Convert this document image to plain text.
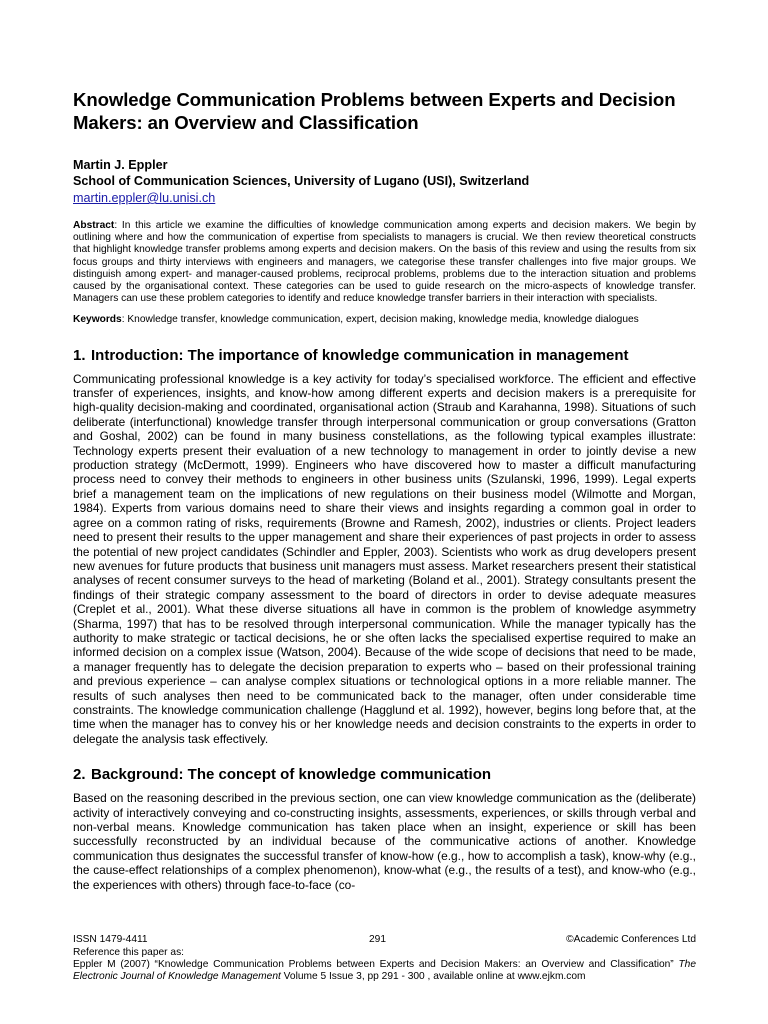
Knowledge Communication Problems between Experts and Decision Makers: an Overview and Classification
Martin J. Eppler
School of Communication Sciences, University of Lugano (USI), Switzerland
martin.eppler@lu.unisi.ch
Abstract: In this article we examine the difficulties of knowledge communication among experts and decision makers. We begin by outlining where and how the communication of expertise from specialists to managers is crucial. We then review theoretical constructs that highlight knowledge transfer problems among experts and decision makers. On the basis of this review and using the results from six focus groups and thirty interviews with engineers and managers, we categorise these transfer challenges into five major groups. We distinguish among expert- and manager-caused problems, reciprocal problems, problems due to the interaction situation and problems caused by the organisational context. These categories can be used to guide research on the micro-aspects of knowledge transfer. Managers can use these problem categories to identify and reduce knowledge transfer barriers in their interaction with specialists.
Keywords: Knowledge transfer, knowledge communication, expert, decision making, knowledge media, knowledge dialogues
1. Introduction: The importance of knowledge communication in management
Communicating professional knowledge is a key activity for today’s specialised workforce. The efficient and effective transfer of experiences, insights, and know-how among different experts and decision makers is a prerequisite for high-quality decision-making and coordinated, organisational action (Straub and Karahanna, 1998). Situations of such deliberate (interfunctional) knowledge transfer through interpersonal communication or group conversations (Gratton and Goshal, 2002) can be found in many business constellations, as the following typical examples illustrate: Technology experts present their evaluation of a new technology to management in order to jointly devise a new production strategy (McDermott, 1999). Engineers who have discovered how to master a difficult manufacturing process need to convey their methods to engineers in other business units (Szulanski, 1996, 1999). Legal experts brief a management team on the implications of new regulations on their business model (Wilmotte and Morgan, 1984). Experts from various domains need to share their views and insights regarding a common goal in order to agree on a common rating of risks, requirements (Browne and Ramesh, 2002), industries or clients. Project leaders need to present their results to the upper management and share their experiences of past projects in order to assess the potential of new project candidates (Schindler and Eppler, 2003). Scientists who work as drug developers present new avenues for future products that business unit managers must assess. Market researchers present their statistical analyses of recent consumer surveys to the head of marketing (Boland et al., 2001). Strategy consultants present the findings of their strategic company assessment to the board of directors in order to devise adequate measures (Creplet et al., 2001). What these diverse situations all have in common is the problem of knowledge asymmetry (Sharma, 1997) that has to be resolved through interpersonal communication. While the manager typically has the authority to make strategic or tactical decisions, he or she often lacks the specialised expertise required to make an informed decision on a complex issue (Watson, 2004). Because of the wide scope of decisions that need to be made, a manager frequently has to delegate the decision preparation to experts who – based on their professional training and previous experience – can analyse complex situations or technological options in a more reliable manner. The results of such analyses then need to be communicated back to the manager, often under considerable time constraints. The knowledge communication challenge (Hagglund et al. 1992), however, begins long before that, at the time when the manager has to convey his or her knowledge needs and decision constraints to the experts in order to delegate the analysis task effectively.
2. Background: The concept of knowledge communication
Based on the reasoning described in the previous section, one can view knowledge communication as the (deliberate) activity of interactively conveying and co-constructing insights, assessments, experiences, or skills through verbal and non-verbal means. Knowledge communication has taken place when an insight, experience or skill has been successfully reconstructed by an individual because of the communicative actions of another. Knowledge communication thus designates the successful transfer of know-how (e.g., how to accomplish a task), know-why (e.g., the cause-effect relationships of a complex phenomenon), know-what (e.g., the results of a test), and know-who (e.g., the experiences with others) through face-to-face (co-
ISSN 1479-4411	291	©Academic Conferences Ltd
Reference this paper as:
Eppler M (2007) “Knowledge Communication Problems between Experts and Decision Makers: an Overview and Classification” The Electronic Journal of Knowledge Management Volume 5 Issue 3, pp 291 - 300 , available online at www.ejkm.com
